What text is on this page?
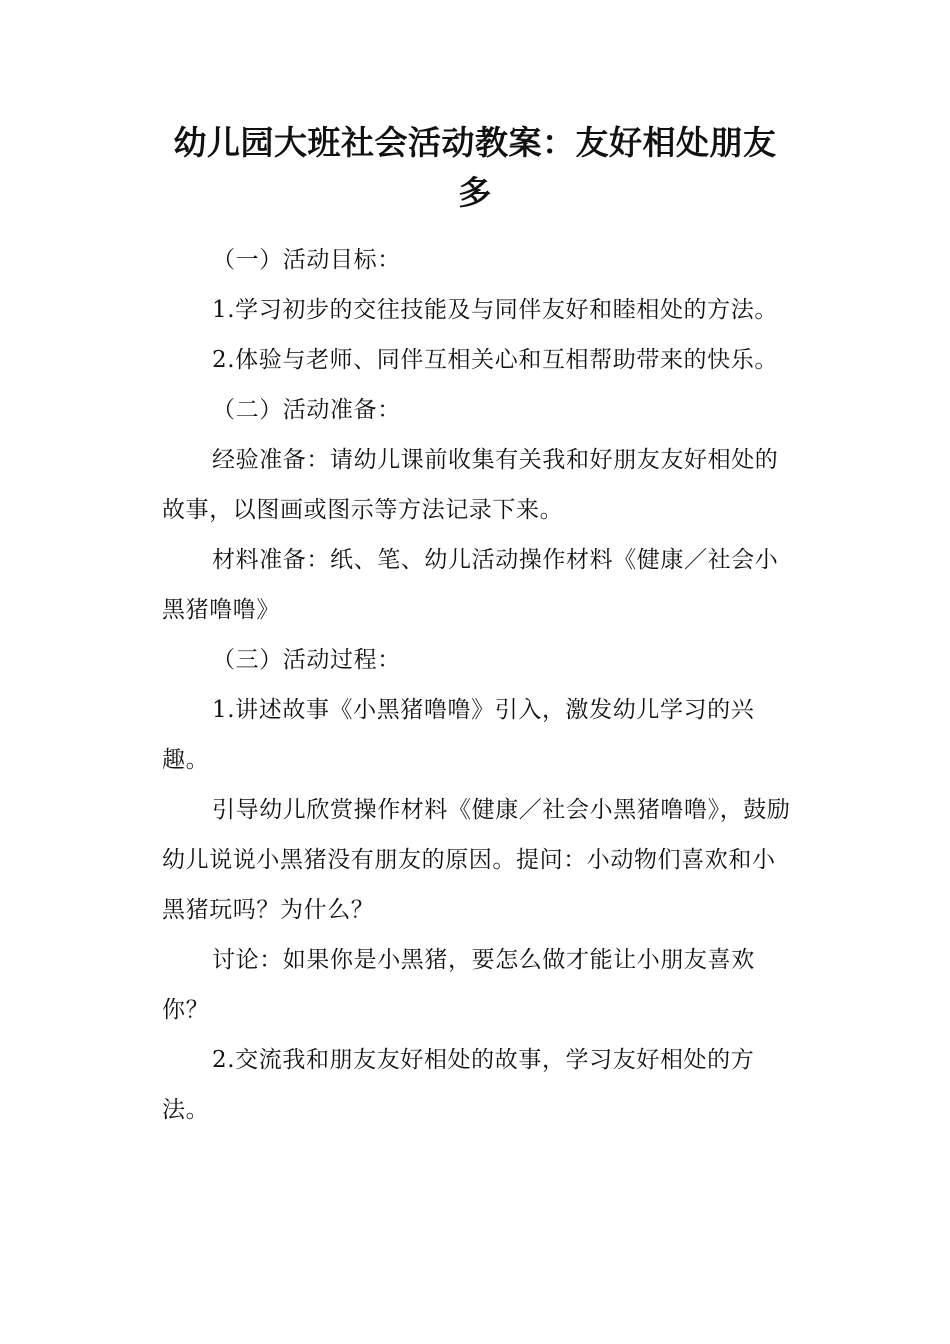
幼儿园大班社会活动教案：友好相处朋友多

（一）活动目标：

1.学习初步的交往技能及与同伴友好和睦相处的方法。

2.体验与老师、同伴互相关心和互相帮助带来的快乐。

（二）活动准备：

经验准备：请幼儿课前收集有关我和好朋友友好相处的故事，以图画或图示等方法记录下来。

材料准备：纸、笔、幼儿活动操作材料《健康／社会小黑猪噜噜》

（三）活动过程：

1.讲述故事《小黑猪噜噜》引入，激发幼儿学习的兴趣。

引导幼儿欣赏操作材料《健康／社会小黑猪噜噜》，鼓励幼儿说说小黑猪没有朋友的原因。提问：小动物们喜欢和小黑猪玩吗？为什么？

讨论：如果你是小黑猪，要怎么做才能让小朋友喜欢你？

2.交流我和朋友友好相处的故事，学习友好相处的方法。
